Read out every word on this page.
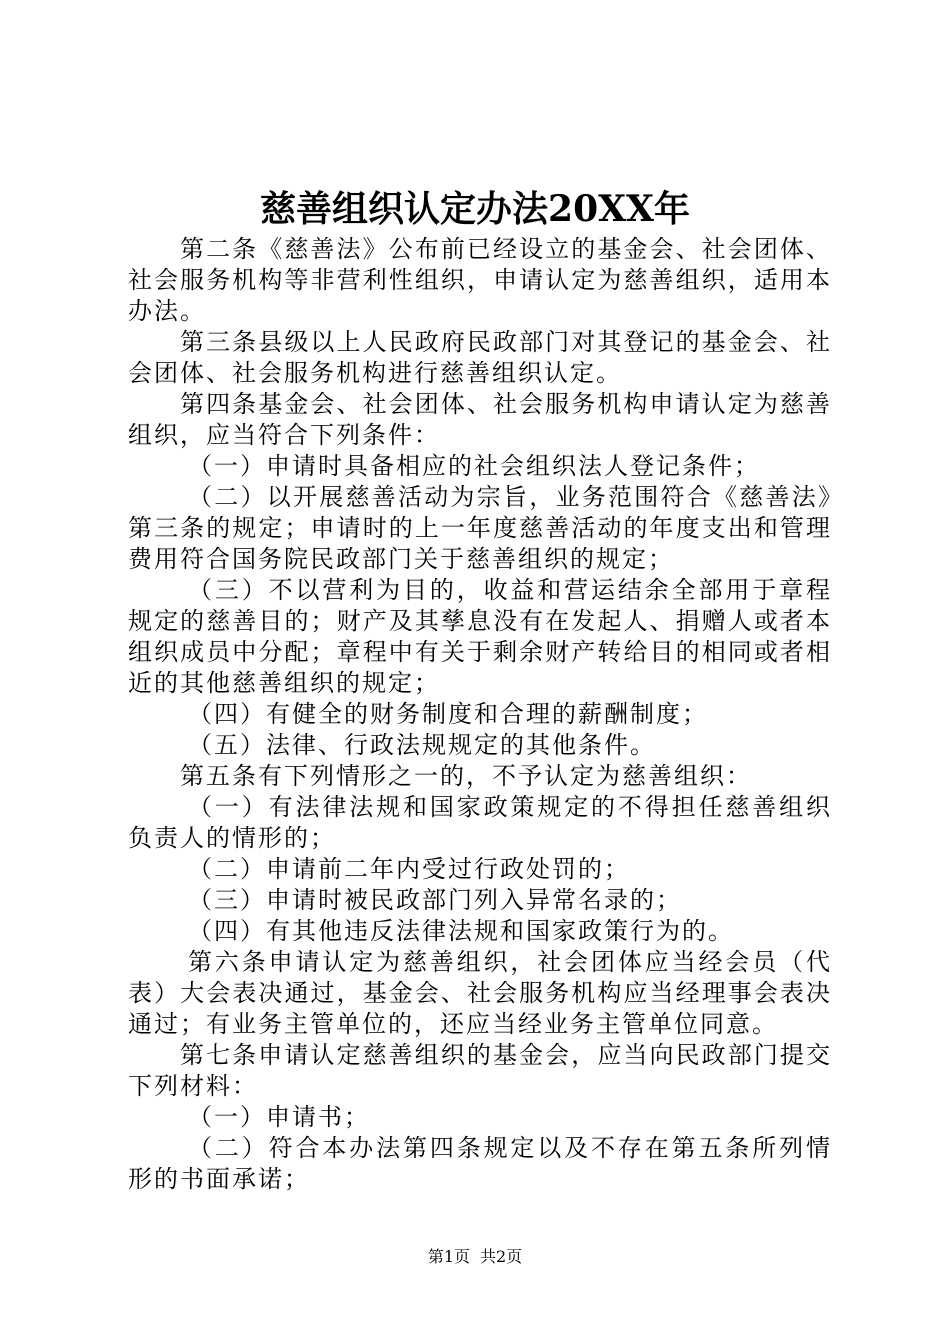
慈善组织认定办法20XX年

第二条《慈善法》公布前已经设立的基金会、社会团体、社会服务机构等非营利性组织，申请认定为慈善组织，适用本办法。

第三条县级以上人民政府民政部门对其登记的基金会、社会团体、社会服务机构进行慈善组织认定。

第四条基金会、社会团体、社会服务机构申请认定为慈善组织，应当符合下列条件：

（一）申请时具备相应的社会组织法人登记条件；

（二）以开展慈善活动为宗旨，业务范围符合《慈善法》第三条的规定；申请时的上一年度慈善活动的年度支出和管理费用符合国务院民政部门关于慈善组织的规定；

（三）不以营利为目的，收益和营运结余全部用于章程规定的慈善目的；财产及其孳息没有在发起人、捐赠人或者本组织成员中分配；章程中有关于剩余财产转给目的相同或者相近的其他慈善组织的规定；

（四）有健全的财务制度和合理的薪酬制度；

（五）法律、行政法规规定的其他条件。

第五条有下列情形之一的，不予认定为慈善组织：

（一）有法律法规和国家政策规定的不得担任慈善组织负责人的情形的；

（二）申请前二年内受过行政处罚的；

（三）申请时被民政部门列入异常名录的；

（四）有其他违反法律法规和国家政策行为的。

第六条申请认定为慈善组织，社会团体应当经会员（代表）大会表决通过，基金会、社会服务机构应当经理事会表决通过；有业务主管单位的，还应当经业务主管单位同意。

第七条申请认定慈善组织的基金会，应当向民政部门提交下列材料：

（一）申请书；

（二）符合本办法第四条规定以及不存在第五条所列情形的书面承诺；

第1页 共2页
